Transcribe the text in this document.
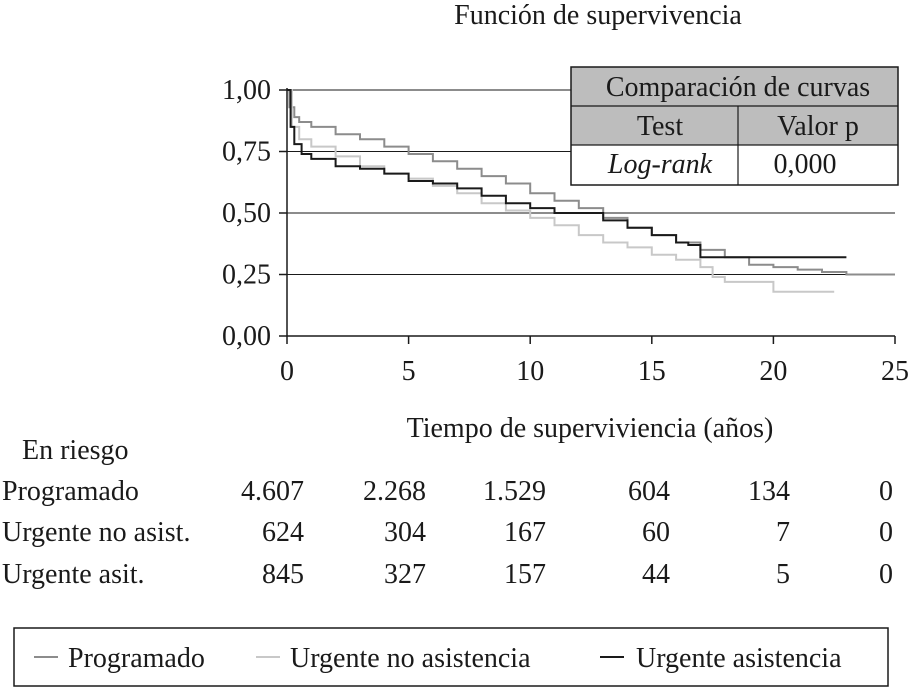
Función de supervivencia
0,00
0,25
0,50
0,75
1,00
0	5	10	15	20	25
Comparación de curvas
Test	Valor p
Log-rank 0,000
Tiempo de superviviencia (años)
En riesgo
Programado	4.607 2.268 1.529	604	134	0
Urgente no asist.	624	304	167	60	7	0
Urgente asit.	845	327	157	44	5	0
Programado	Urgente no asistencia	Urgente asistencia
